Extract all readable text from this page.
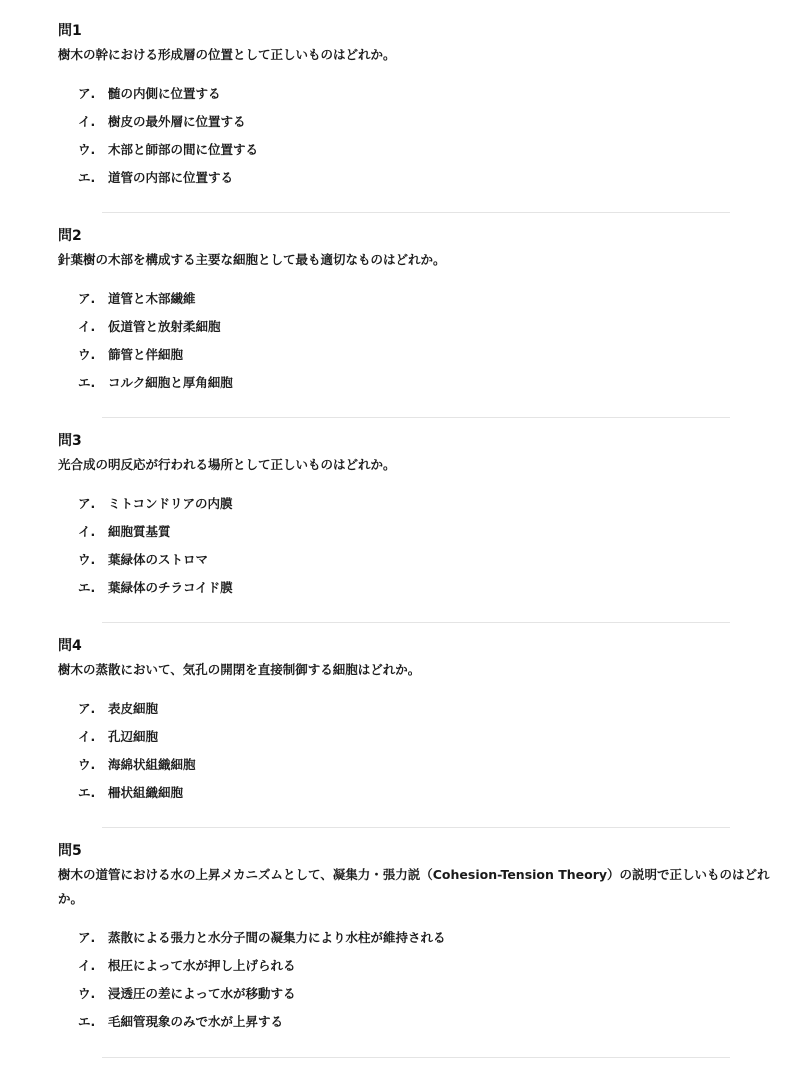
問1
樹木の幹における形成層の位置として正しいものはどれか。
ア.	髄の内側に位置する
イ.	樹皮の最外層に位置する
ウ.	木部と師部の間に位置する
エ.	道管の内部に位置する
問2
針葉樹の木部を構成する主要な細胞として最も適切なものはどれか。
ア.	道管と木部繊維
イ.	仮道管と放射柔細胞
ウ.	篩管と伴細胞
エ.	コルク細胞と厚角細胞
問3
光合成の明反応が行われる場所として正しいものはどれか。
ア.	ミトコンドリアの内膜
イ.	細胞質基質
ウ.	葉緑体のストロマ
エ.	葉緑体のチラコイド膜
問4
樹木の蒸散において、気孔の開閉を直接制御する細胞はどれか。
ア.	表皮細胞
イ.	孔辺細胞
ウ.	海綿状組織細胞
エ.	柵状組織細胞
問5
樹木の道管における水の上昇メカニズムとして、凝集力・張力説（Cohesion-Tension Theory）の説明で正しいものはどれか。
ア.	蒸散による張力と水分子間の凝集力により水柱が維持される
イ.	根圧によって水が押し上げられる
ウ.	浸透圧の差によって水が移動する
エ.	毛細管現象のみで水が上昇する
